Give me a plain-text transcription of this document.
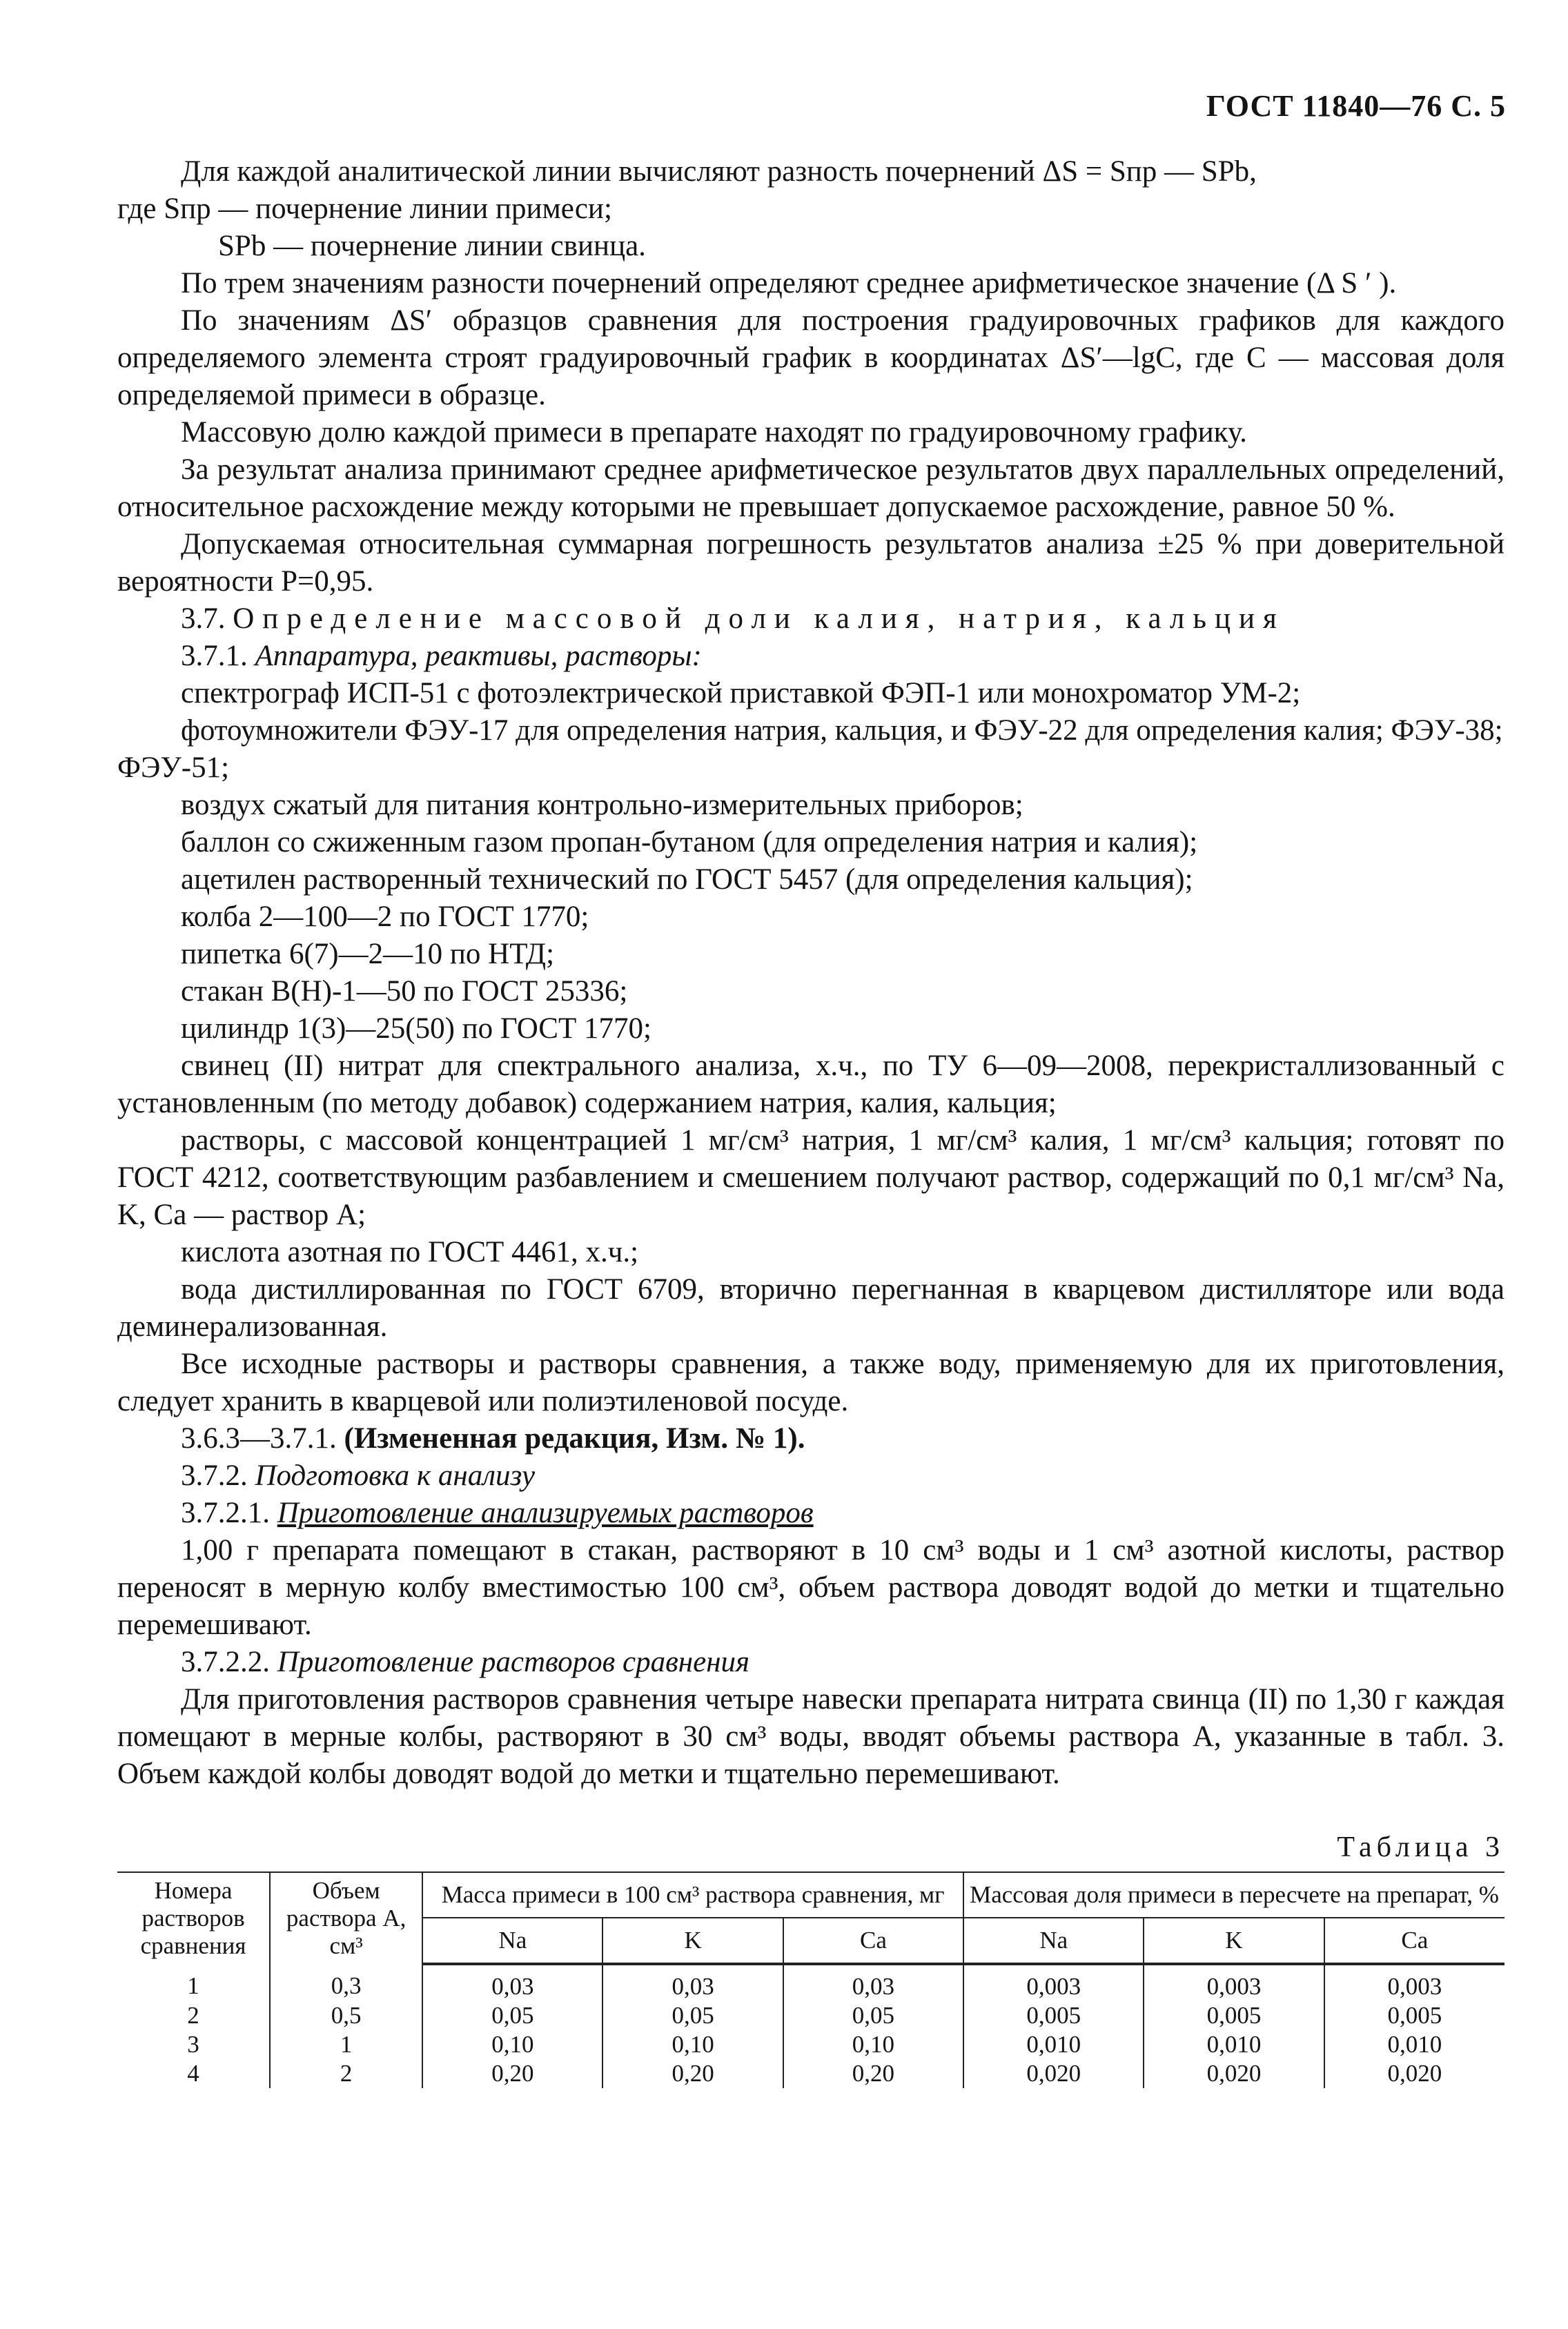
ГОСТ 11840—76 С. 5

Для каждой аналитической линии вычисляют разность почернений ΔS = Sпр — SPb,

где Sпр — почернение линии примеси;

SPb — почернение линии свинца.

По трем значениям разности почернений определяют среднее арифметическое значение (Δ S ′ ).

По значениям ΔS′ образцов сравнения для построения градуировочных графиков для каждого определяемого элемента строят градуировочный график в координатах ΔS′—lgC, где C — массовая доля определяемой примеси в образце.

Массовую долю каждой примеси в препарате находят по градуировочному графику.

За результат анализа принимают среднее арифметическое результатов двух параллельных определений, относительное расхождение между которыми не превышает допускаемое расхождение, равное 50 %.

Допускаемая относительная суммарная погрешность результатов анализа ±25 % при доверительной вероятности P=0,95.

3.7. Определение массовой доли калия, натрия, кальция

3.7.1. Аппаратура, реактивы, растворы:

спектрограф ИСП-51 с фотоэлектрической приставкой ФЭП-1 или монохроматор УМ-2;

фотоумножители ФЭУ-17 для определения натрия, кальция, и ФЭУ-22 для определения калия; ФЭУ-38; ФЭУ-51;

воздух сжатый для питания контрольно-измерительных приборов;

баллон со сжиженным газом пропан-бутаном (для определения натрия и калия);

ацетилен растворенный технический по ГОСТ 5457 (для определения кальция);

колба 2—100—2 по ГОСТ 1770;

пипетка 6(7)—2—10 по НТД;

стакан В(Н)-1—50 по ГОСТ 25336;

цилиндр 1(3)—25(50) по ГОСТ 1770;

свинец (II) нитрат для спектрального анализа, х.ч., по ТУ 6—09—2008, перекристаллизованный с установленным (по методу добавок) содержанием натрия, калия, кальция;

растворы, с массовой концентрацией 1 мг/см³ натрия, 1 мг/см³ калия, 1 мг/см³ кальция; готовят по ГОСТ 4212, соответствующим разбавлением и смешением получают раствор, содержащий по 0,1 мг/см³ Na, K, Ca — раствор A;

кислота азотная по ГОСТ 4461, х.ч.;

вода дистиллированная по ГОСТ 6709, вторично перегнанная в кварцевом дистилляторе или вода деминерализованная.

Все исходные растворы и растворы сравнения, а также воду, применяемую для их приготовления, следует хранить в кварцевой или полиэтиленовой посуде.

3.6.3—3.7.1. (Измененная редакция, Изм. № 1).

3.7.2. Подготовка к анализу

3.7.2.1. Приготовление анализируемых растворов

1,00 г препарата помещают в стакан, растворяют в 10 см³ воды и 1 см³ азотной кислоты, раствор переносят в мерную колбу вместимостью 100 см³, объем раствора доводят водой до метки и тщательно перемешивают.

3.7.2.2. Приготовление растворов сравнения

Для приготовления растворов сравнения четыре навески препарата нитрата свинца (II) по 1,30 г каждая помещают в мерные колбы, растворяют в 30 см³ воды, вводят объемы раствора A, указанные в табл. 3. Объем каждой колбы доводят водой до метки и тщательно перемешивают.

Таблица 3

Номера растворов сравнения	Объем раствора А, см³	Масса примеси в 100 см³ раствора сравнения, мг			Массовая доля примеси в пересчете на препарат, %		
		Na	K	Ca	Na	K	Ca
1	0,3	0,03	0,03	0,03	0,003	0,003	0,003
2	0,5	0,05	0,05	0,05	0,005	0,005	0,005
3	1	0,10	0,10	0,10	0,010	0,010	0,010
4	2	0,20	0,20	0,20	0,020	0,020	0,020
